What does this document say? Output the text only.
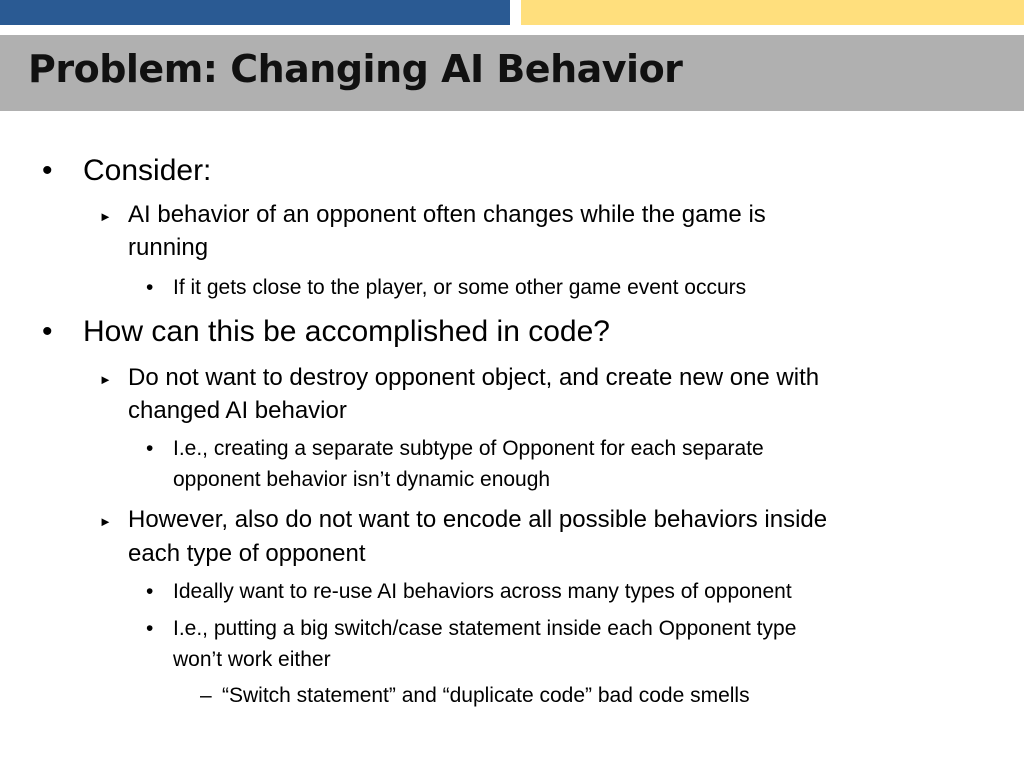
Problem: Changing AI Behavior
• Consider:
► AI behavior of an opponent often changes while the game is
running
• If it gets close to the player, or some other game event occurs
• How can this be accomplished in code?
► Do not want to destroy opponent object, and create new one with
changed AI behavior
• I.e., creating a separate subtype of Opponent for each separate
opponent behavior isn’t dynamic enough
► However, also do not want to encode all possible behaviors inside
each type of opponent
• Ideally want to re-use AI behaviors across many types of opponent
• I.e., putting a big switch/case statement inside each Opponent type
won’t work either
– “Switch statement” and “duplicate code” bad code smells
